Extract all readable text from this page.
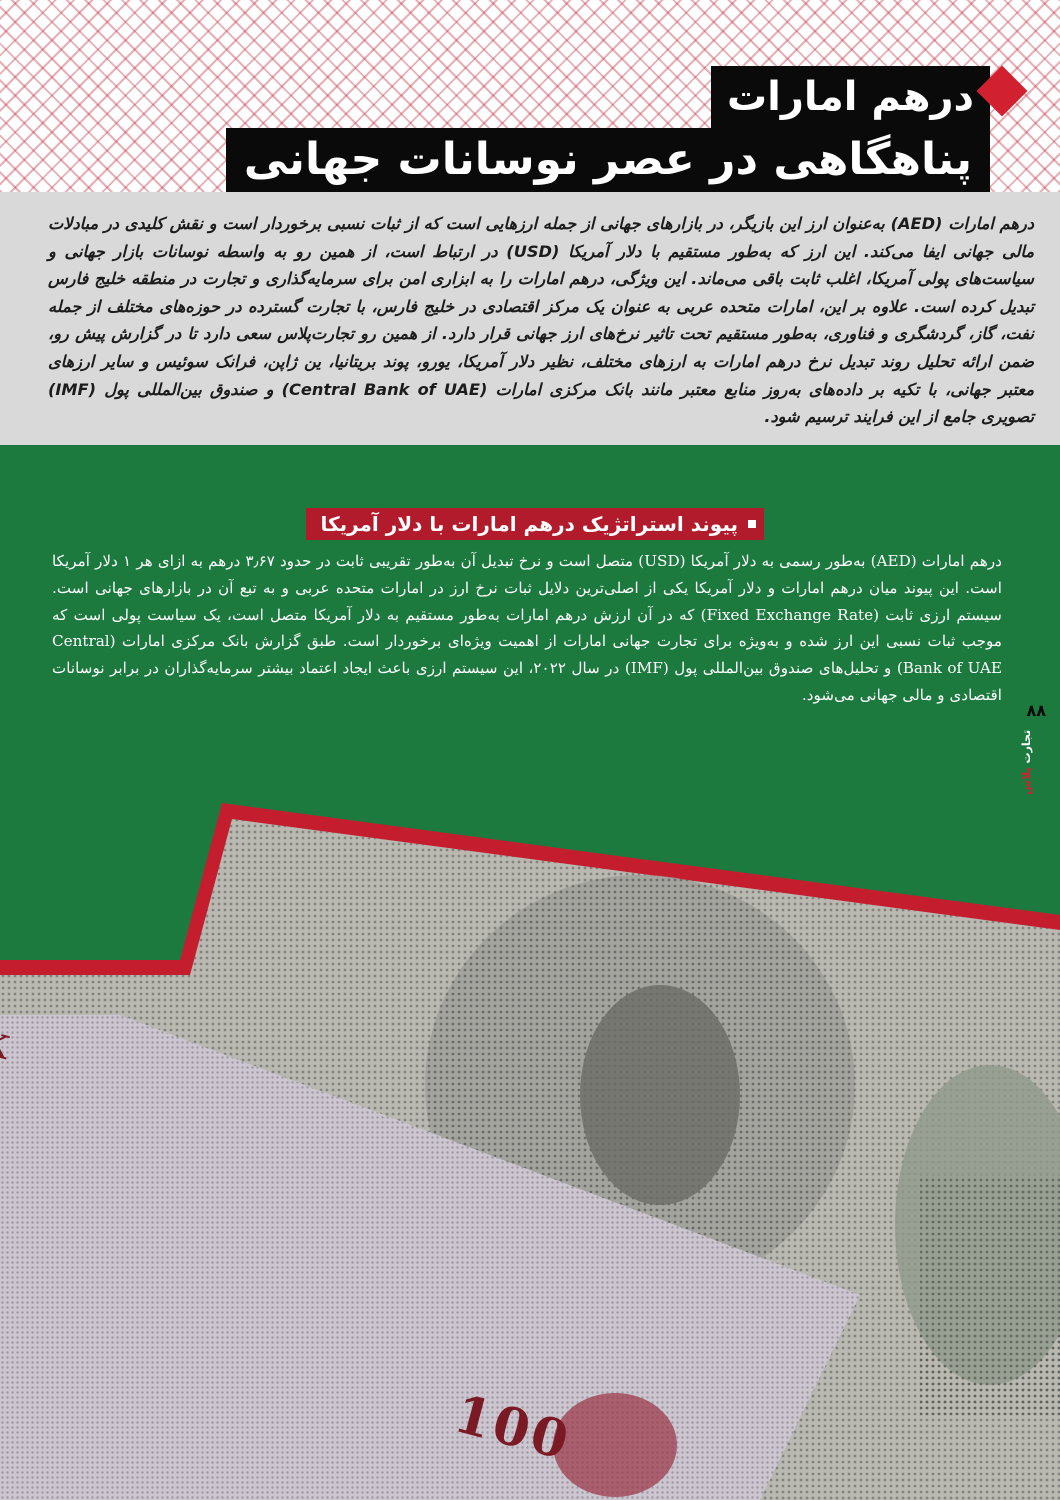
درهم امارات
پناهگاهی در عصر نوسانات جهانی

درهم امارات (AED) به‌عنوان ارز این بازیگر، در بازارهای جهانی از جمله ارزهایی است که از ثبات نسبی برخوردار است و نقش کلیدی در مبادلات مالی جهانی ایفا می‌کند. این ارز که به‌طور مستقیم با دلار آمریکا (USD) در ارتباط است، از همین رو به واسطه نوسانات بازار جهانی و سیاست‌های پولی آمریکا، اغلب ثابت باقی می‌ماند. این ویژگی، درهم امارات را به ابزاری امن برای سرمایه‌گذاری و تجارت در منطقه خلیج فارس تبدیل کرده است. علاوه بر این، امارات متحده عربی به عنوان یک مرکز اقتصادی در خلیج فارس، با تجارت گسترده در حوزه‌های مختلف از جمله نفت، گاز، گردشگری و فناوری، به‌طور مستقیم تحت تاثیر نرخ‌های ارز جهانی قرار دارد. از همین رو تجارت‌پلاس سعی دارد تا در گزارش پیش رو، ضمن ارائه تحلیل روند تبدیل نرخ درهم امارات به ارزهای مختلف، نظیر دلار آمریکا، یورو، پوند بریتانیا، ین ژاپن، فرانک سوئیس و سایر ارزهای معتبر جهانی، با تکیه بر داده‌های به‌روز منابع معتبر مانند بانک مرکزی امارات (Central Bank of UAE) و صندوق بین‌المللی پول (IMF) تصویری جامع از این فرایند ترسیم شود.

100
پیوند استراتژیک درهم امارات با دلار آمریکا

درهم امارات (AED) به‌طور رسمی به دلار آمریکا (USD) متصل است و نرخ تبدیل آن به‌طور تقریبی ثابت در حدود ۳٫۶۷ درهم به ازای هر ۱ دلار آمریکا است. این پیوند میان درهم امارات و دلار آمریکا یکی از اصلی‌ترین دلایل ثبات نرخ ارز در امارات متحده عربی و به تبع آن در بازارهای جهانی است. سیستم ارزی ثابت (Fixed Exchange Rate) که در آن ارزش درهم امارات به‌طور مستقیم به دلار آمریکا متصل است، یک سیاست پولی است که موجب ثبات نسبی این ارز شده و به‌ویژه برای تجارت جهانی امارات از اهمیت ویژه‌ای برخوردار است. طبق گزارش بانک مرکزی امارات (Central Bank of UAE) و تحلیل‌های صندوق بین‌المللی پول (IMF) در سال ۲۰۲۲، این سیستم ارزی باعث ایجاد اعتماد بیشتر سرمایه‌گذاران در برابر نوسانات اقتصادی و مالی جهانی می‌شود.

۸۸
تجارت پلاس
